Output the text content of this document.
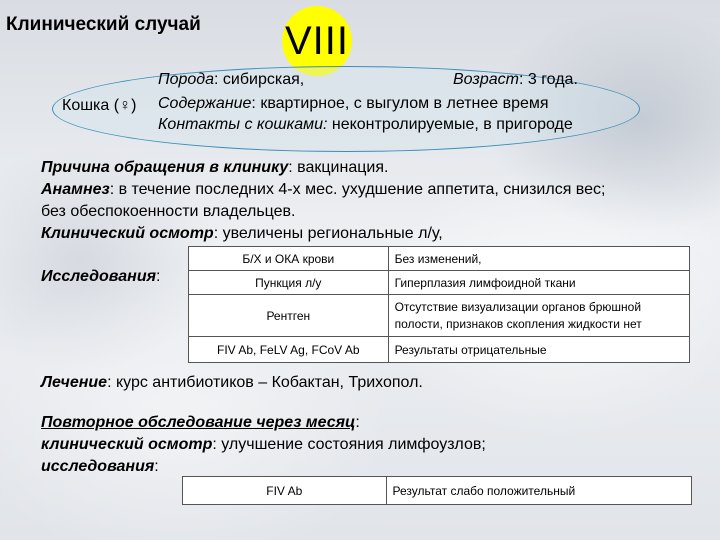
Клинический случай VIII
Кошка (♀)
Порода: сибирская,	Возраст: 3 года.
Содержание: квартирное, с выгулом в летнее время
Контакты с кошками: неконтролируемые, в пригороде
Причина обращения в клинику: вакцинация.
Анамнез: в течение последних 4-х мес. ухудшение аппетита, снизился вес;
без обеспокоенности владельцев.
Клинический осмотр: увеличены региональные л/у,
Исследования:
Б/Х и ОКА крови	Без изменений,
Пункция л/у	Гиперплазия лимфоидной ткани
Рентген	Отсутствие визуализации органов брюшной полости, признаков скопления жидкости нет
FIV Ab, FeLV Ag, FCoV Ab	Результаты отрицательные
Лечение: курс антибиотиков – Кобактан, Трихопол.
Повторное обследование через месяц:
клинический осмотр: улучшение состояния лимфоузлов;
исследования:
FIV Ab	Результат слабо положительный
